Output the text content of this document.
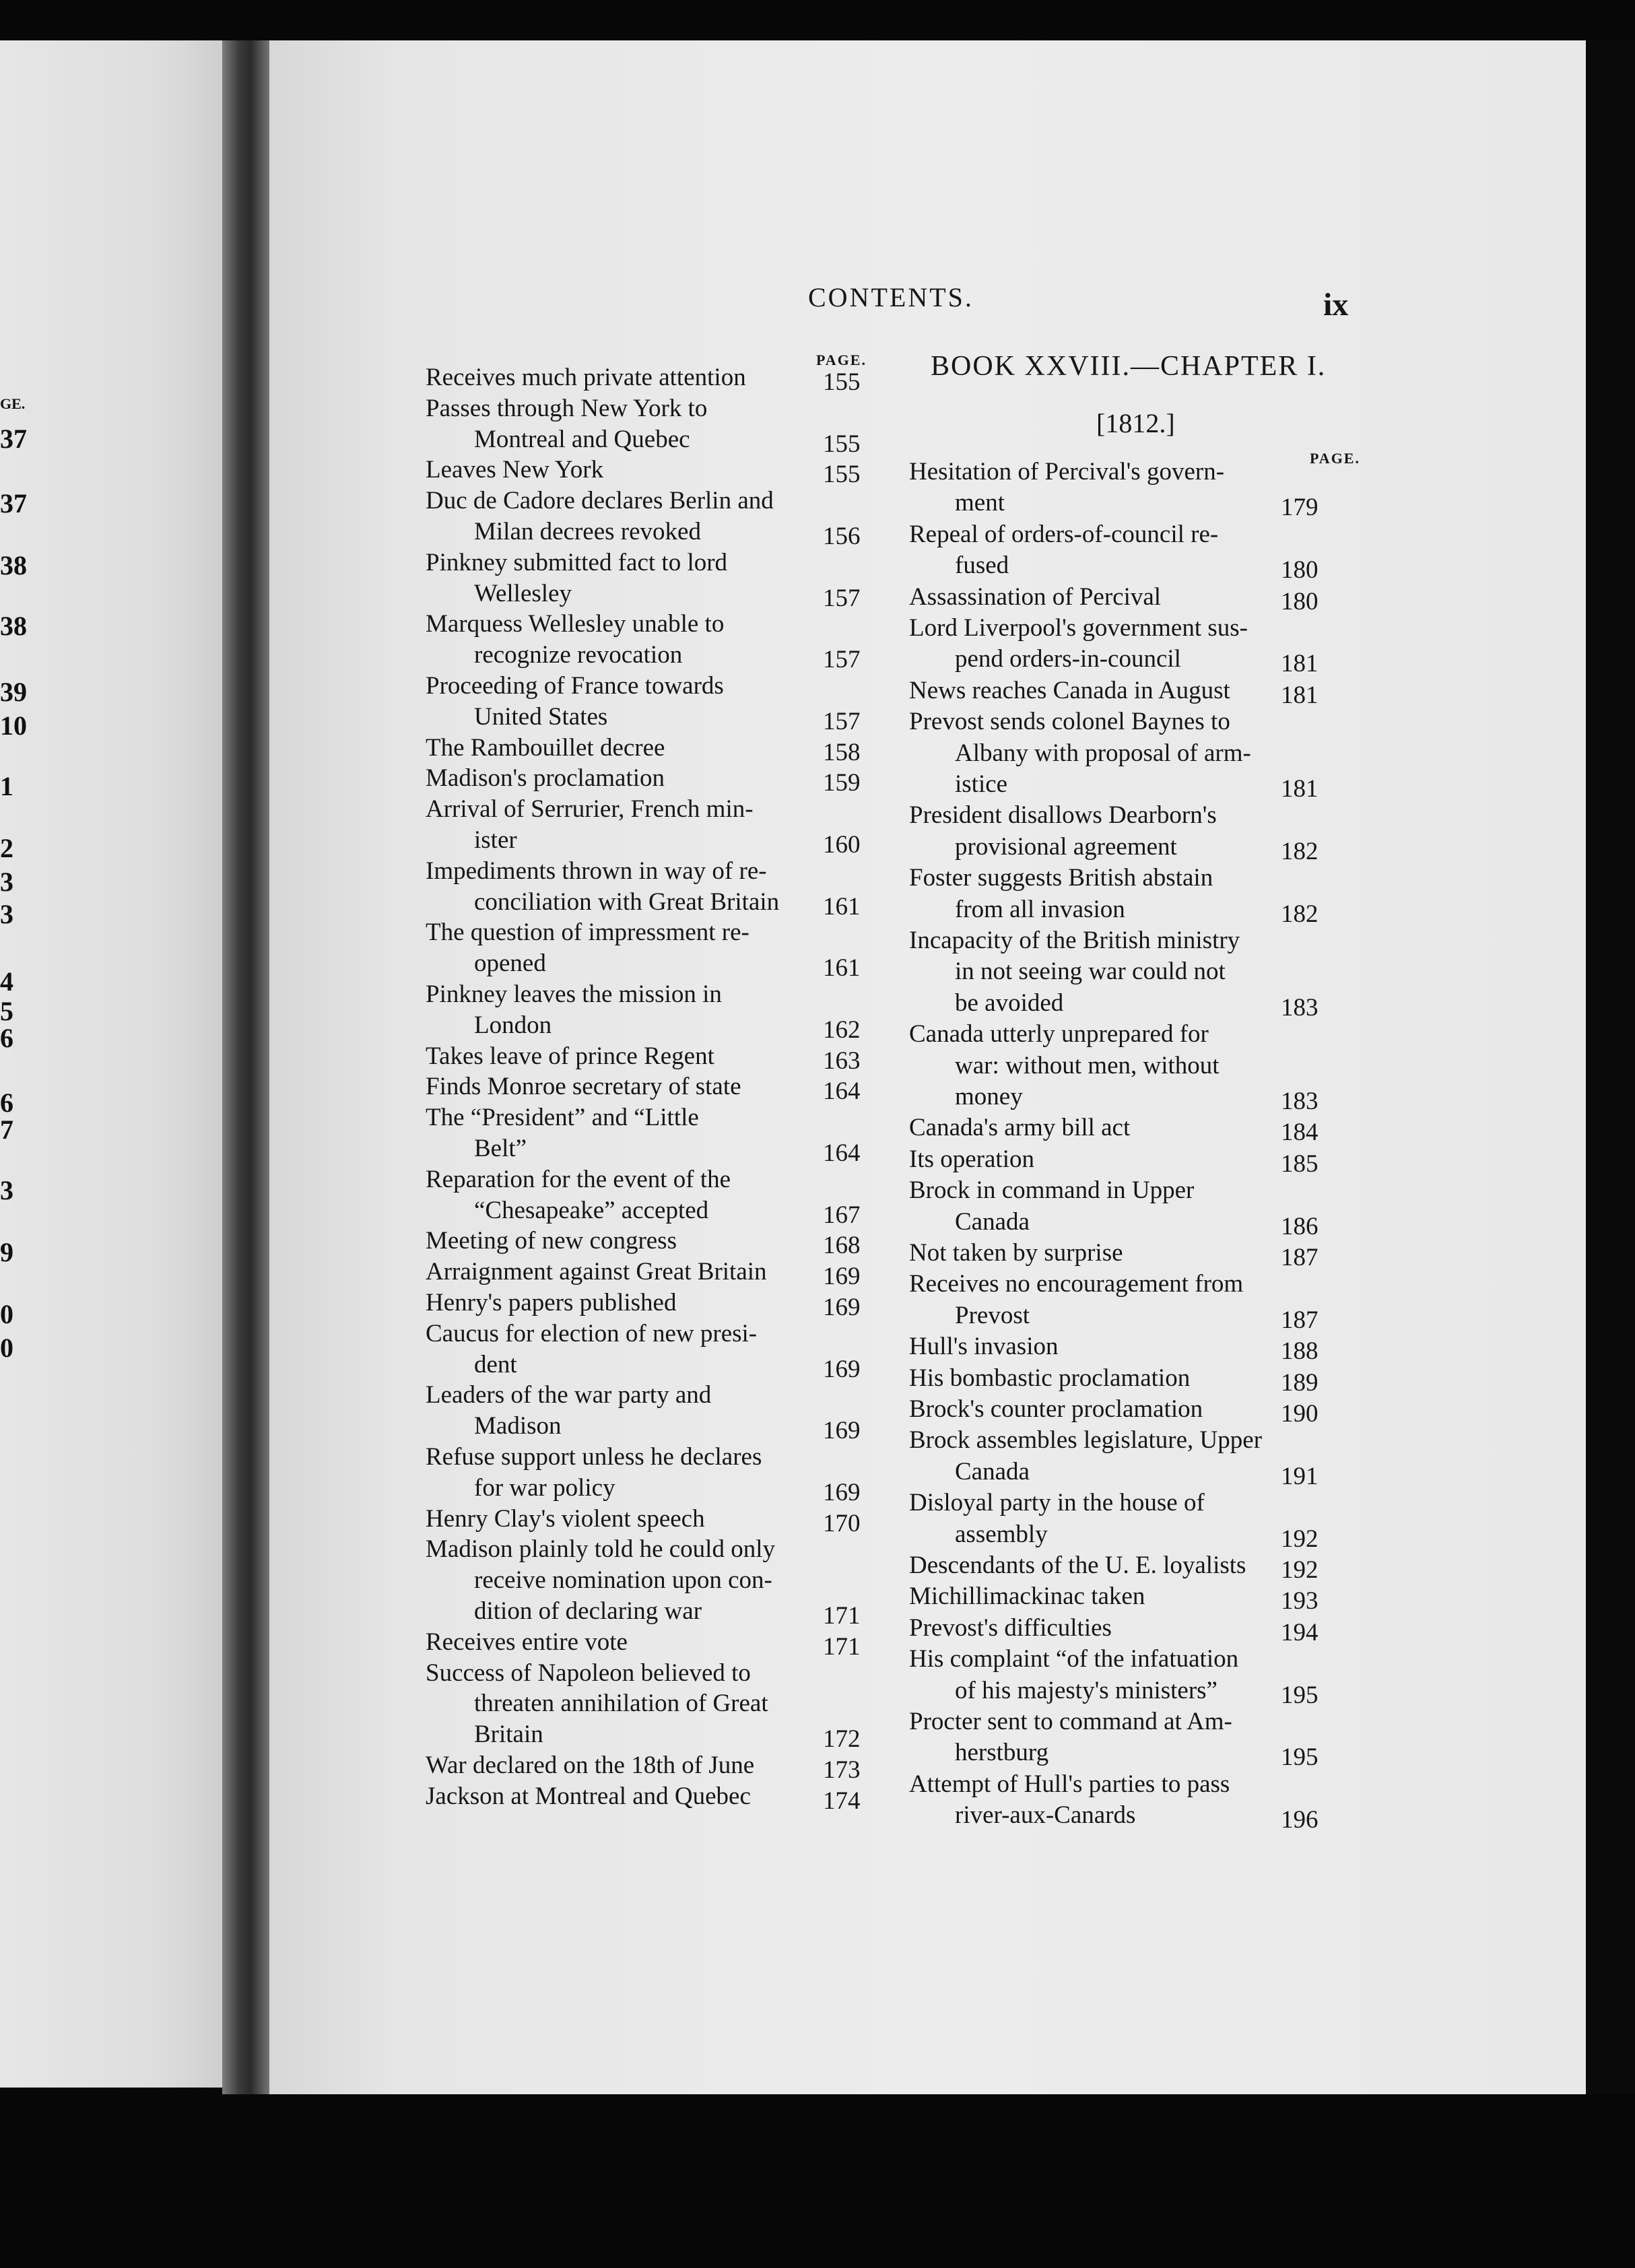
GE.
37
37
38
38
39
10
1
2
3
3
4
5
6
6
7
3
9
0
0
CONTENTS.	ix
PAGE. BOOK XXVIII.—CHAPTER I.
[1812.]
PAGE.
Receives much private attention	155
Passes through New York to
Montreal and Quebec	155
Leaves New York	155
Duc de Cadore declares Berlin and
Milan decrees revoked	156
Pinkney submitted fact to lord
Wellesley	157
Marquess Wellesley unable to
recognize revocation	157
Proceeding of France towards
United States	157
The Rambouillet decree	158
Madison's proclamation	159
Arrival of Serrurier, French min-
ister	160
Impediments thrown in way of re-
conciliation with Great Britain 161
The question of impressment re-
opened	161
Pinkney leaves the mission in
London	162
Takes leave of prince Regent	163
Finds Monroe secretary of state	164
The “President” and “Little
Belt”	164
Reparation for the event of the
“Chesapeake” accepted	167
Meeting of new congress	168
Arraignment against Great Britain 169
Henry's papers published	169
Caucus for election of new presi-
dent	169
Leaders of the war party and
Madison	169
Refuse support unless he declares
for war policy	169
Henry Clay's violent speech	170
Madison plainly told he could only
receive nomination upon con-
dition of declaring war	171
Receives entire vote	171
Success of Napoleon believed to
threaten annihilation of Great
Britain	172
War declared on the 18th of June	173
Jackson at Montreal and Quebec	174
Hesitation of Percival's govern-
ment	179
Repeal of orders-of-council re-
fused	180
Assassination of Percival	180
Lord Liverpool's government sus-
pend orders-in-council	181
News reaches Canada in August 181
Prevost sends colonel Baynes to
Albany with proposal of arm-
istice	181
President disallows Dearborn's
provisional agreement	182
Foster suggests British abstain
from all invasion	182
Incapacity of the British ministry
in not seeing war could not
be avoided	183
Canada utterly unprepared for
war: without men, without
money	183
Canada's army bill act	184
Its operation	185
Brock in command in Upper
Canada	186
Not taken by surprise	187
Receives no encouragement from
Prevost	187
Hull's invasion	188
His bombastic proclamation	189
Brock's counter proclamation	190
Brock assembles legislature, Upper
Canada	191
Disloyal party in the house of
assembly	192
Descendants of the U. E. loyalists 192
Michillimackinac taken	193
Prevost's difficulties	194
His complaint “of the infatuation
of his majesty's ministers”	195
Procter sent to command at Am-
herstburg	195
Attempt of Hull's parties to pass
river-aux-Canards	196
